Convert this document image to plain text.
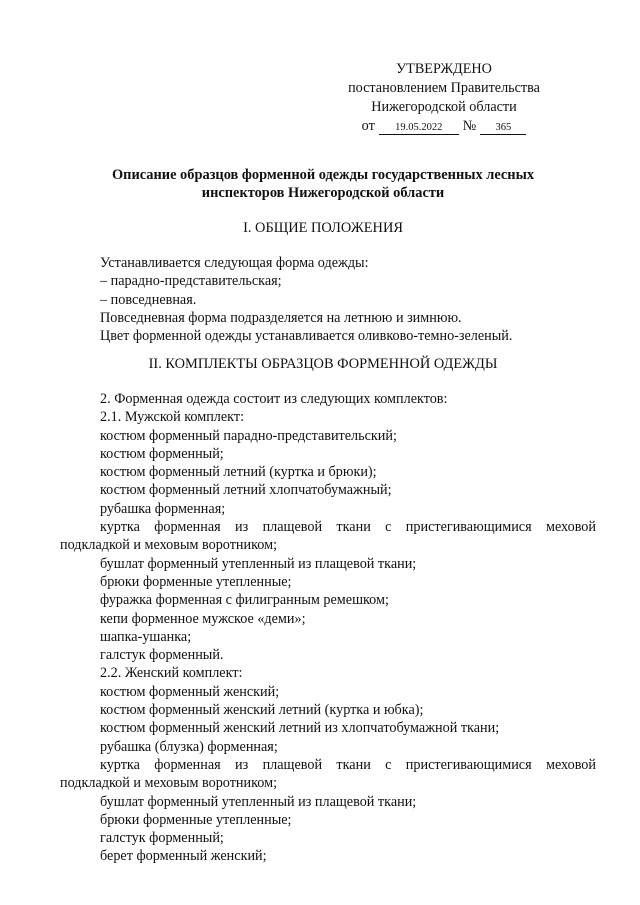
УТВЕРЖДЕНО
постановлением Правительства
Нижегородской области
от	19.05.2022	№	365
Описание образцов форменной одежды государственных лесных
инспекторов Нижегородской области
I. ОБЩИЕ ПОЛОЖЕНИЯ
Устанавливается следующая форма одежды:
– парадно-представительская;
– повседневная.
Повседневная форма подразделяется на летнюю и зимнюю.
Цвет форменной одежды устанавливается оливково-темно-зеленый.
II. КОМПЛЕКТЫ ОБРАЗЦОВ ФОРМЕННОЙ ОДЕЖДЫ
2. Форменная одежда состоит из следующих комплектов:
2.1. Мужской комплект:
костюм форменный парадно-представительский;
костюм форменный;
костюм форменный летний (куртка и брюки);
костюм форменный летний хлопчатобумажный;
рубашка форменная;
куртка форменная из плащевой ткани с пристегивающимися меховой
подкладкой и меховым воротником;
бушлат форменный утепленный из плащевой ткани;
брюки форменные утепленные;
фуражка форменная с филигранным ремешком;
кепи форменное мужское «деми»;
шапка-ушанка;
галстук форменный.
2.2. Женский комплект:
костюм форменный женский;
костюм форменный женский летний (куртка и юбка);
костюм форменный женский летний из хлопчатобумажной ткани;
рубашка (блузка) форменная;
куртка форменная из плащевой ткани с пристегивающимися меховой
подкладкой и меховым воротником;
бушлат форменный утепленный из плащевой ткани;
брюки форменные утепленные;
галстук форменный;
берет форменный женский;
